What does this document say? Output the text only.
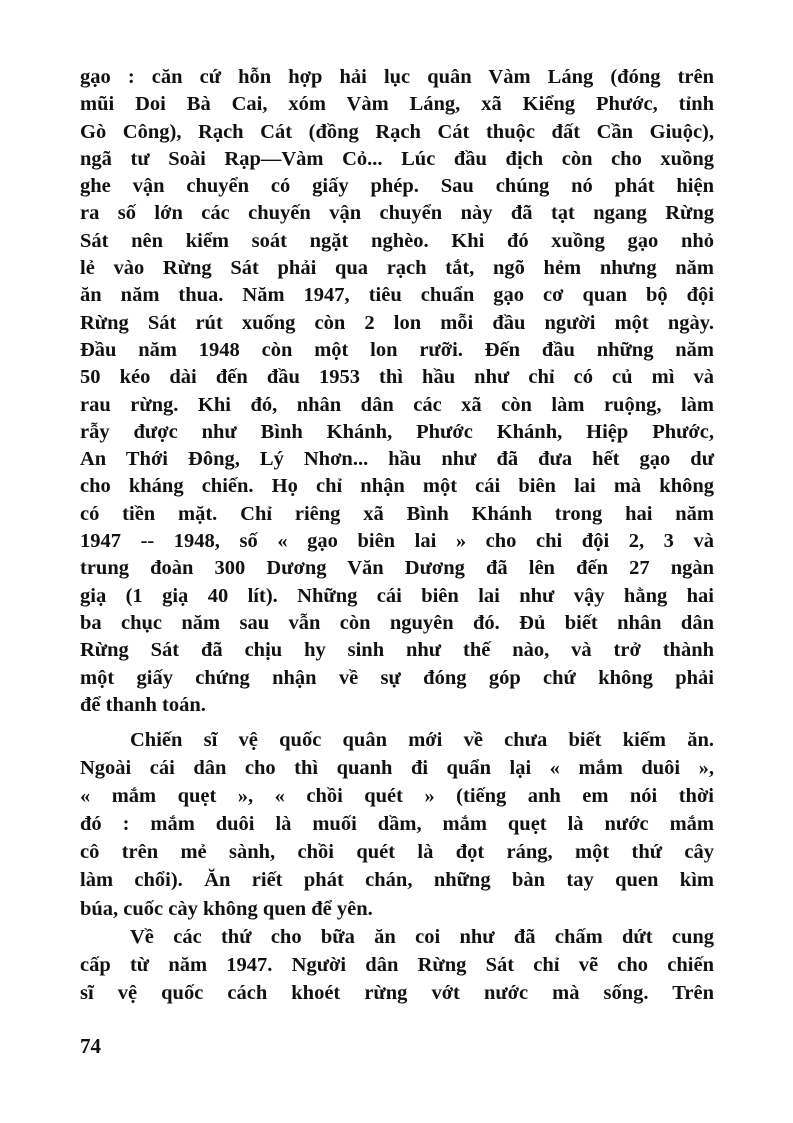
gạo : căn cứ hỗn hợp hải lục quân Vàm Láng (đóng trên
mũi Doi Bà Cai, xóm Vàm Láng, xã Kiểng Phước, tỉnh
Gò Công), Rạch Cát (đồng Rạch Cát thuộc đất Cần Giuộc),
ngã tư Soài Rạp—Vàm Cỏ... Lúc đầu địch còn cho xuồng
ghe vận chuyển có giấy phép. Sau chúng nó phát hiện
ra số lớn các chuyến vận chuyển này đã tạt ngang Rừng
Sát nên kiểm soát ngặt nghèo. Khi đó xuồng gạo nhỏ
lẻ vào Rừng Sát phải qua rạch tắt, ngõ hẻm nhưng năm
ăn năm thua. Năm 1947, tiêu chuẩn gạo cơ quan bộ đội
Rừng Sát rút xuống còn 2 lon mỗi đầu người một ngày.
Đầu năm 1948 còn một lon rưỡi. Đến đầu những năm
50 kéo dài đến đầu 1953 thì hầu như chỉ có củ mì và
rau rừng. Khi đó, nhân dân các xã còn làm ruộng, làm
rẫy được như Bình Khánh, Phước Khánh, Hiệp Phước,
An Thới Đông, Lý Nhơn... hầu như đã đưa hết gạo dư
cho kháng chiến. Họ chỉ nhận một cái biên lai mà không
có tiền mặt. Chỉ riêng xã Bình Khánh trong hai năm
1947 -- 1948, số « gạo biên lai » cho chi đội 2, 3 và
trung đoàn 300 Dương Văn Dương đã lên đến 27 ngàn
giạ (1 giạ 40 lít). Những cái biên lai như vậy hằng hai
ba chục năm sau vẫn còn nguyên đó. Đủ biết nhân dân
Rừng Sát đã chịu hy sinh như thế nào, và trở thành
một giấy chứng nhận về sự đóng góp chứ không phải
để thanh toán.
Chiến sĩ vệ quốc quân mới về chưa biết kiếm ăn.
Ngoài cái dân cho thì quanh đi quẩn lại « mắm duôi »,
« mắm quẹt », « chồi quét » (tiếng anh em nói thời
đó : mắm duôi là muối dầm, mắm quẹt là nước mắm
cô trên mẻ sành, chồi quét là đọt ráng, một thứ cây
làm chổi). Ăn riết phát chán, những bàn tay quen kìm
búa, cuốc cày không quen để yên.
Về các thứ cho bữa ăn coi như đã chấm dứt cung
cấp từ năm 1947. Người dân Rừng Sát chỉ vẽ cho chiến
sĩ vệ quốc cách khoét rừng vớt nước mà sống. Trên
74
